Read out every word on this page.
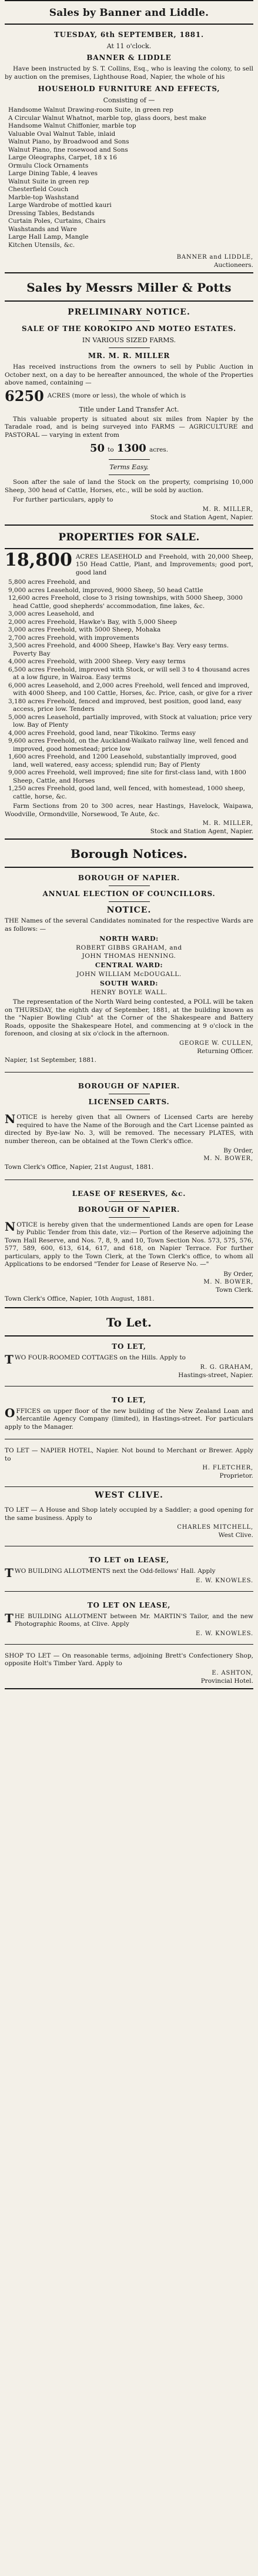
Sales by Banner and Liddle.
TUESDAY, 6th SEPTEMBER, 1881.
At 11 o'clock.
BANNER & LIDDLE

Have been instructed by S. T. Collins, Esq., who is leaving the colony, to sell by auction on the premises, Lighthouse Road, Napier, the whole of his

HOUSEHOLD FURNITURE AND EFFECTS,
Consisting of —

Handsome Walnut Drawing-room Suite, in green rep

A Circular Walnut Whatnot, marble top, glass doors, best make

Handsome Walnut Chiffonier, marble top

Valuable Oval Walnut Table, inlaid

Walnut Piano, by Broadwood and Sons

Walnut Piano, fine rosewood and Sons

Large Oleographs, Carpet, 18 x 16

Ormulu Clock Ornaments

Large Dining Table, 4 leaves

Walnut Suite in green rep

Chesterfield Couch

Marble-top Washstand

Large Wardrobe of mottled kauri

Dressing Tables, Bedstands

Curtain Poles, Curtains, Chairs

Washstands and Ware

Large Hall Lamp, Mangle

Kitchen Utensils, &c.

BANNER and LIDDLE,
Auctioneers.
Sales by Messrs Miller & Potts
PRELIMINARY NOTICE.
SALE OF THE KOROKIPO AND MOTEO ESTATES.
IN VARIOUS SIZED FARMS.
MR. M. R. MILLER

Has received instructions from the owners to sell by Public Auction in October next, on a day to be hereafter announced, the whole of the Properties above named, containing —

6250 ACRES (more or less), the whole of which is
Title under Land Transfer Act.

This valuable property is situated about six miles from Napier by the Taradale road, and is being surveyed into FARMS — AGRICULTURE and PASTORAL — varying in extent from

50 to 1300 acres.
Terms Easy.

Soon after the sale of land the Stock on the property, comprising 10,000 Sheep, 300 head of Cattle, Horses, etc., will be sold by auction.

For further particulars, apply to

M. R. MILLER,
Stock and Station Agent, Napier.
PROPERTIES FOR SALE.
18,800 ACRES LEASEHOLD and Freehold, with 20,000 Sheep, 150 Head Cattle, Plant, and Improvements; good port, good land

5,800 acres Freehold, and

9,000 acres Leasehold, improved, 9000 Sheep, 50 head Cattle

12,600 acres Freehold, close to 3 rising townships, with 5000 Sheep, 3000 head Cattle, good shepherds' accommodation, fine lakes, &c.

3,000 acres Leasehold, and

2,000 acres Freehold, Hawke's Bay, with 5,000 Sheep

3,000 acres Freehold, with 5000 Sheep, Mohaka

2,700 acres Freehold, with improvements

3,500 acres Freehold, and 4000 Sheep, Hawke's Bay. Very easy terms. Poverty Bay

4,000 acres Freehold, with 2000 Sheep. Very easy terms

6,500 acres Freehold, improved with Stock, or will sell 3 to 4 thousand acres at a low figure, in Wairoa. Easy terms

6,000 acres Leasehold, and 2,000 acres Freehold, well fenced and improved, with 4000 Sheep, and 100 Cattle, Horses, &c. Price, cash, or give for a river

3,180 acres Freehold, fenced and improved, best position, good land, easy access, price low. Tenders

5,000 acres Leasehold, partially improved, with Stock at valuation; price very low. Bay of Plenty

4,000 acres Freehold, good land, near Tikokino. Terms easy

9,600 acres Freehold, on the Auckland-Waikato railway line, well fenced and improved, good homestead; price low

1,600 acres Freehold, and 1200 Leasehold, substantially improved, good land, well watered, easy access; splendid run; Bay of Plenty

9,000 acres Freehold, well improved; fine site for first-class land, with 1800 Sheep, Cattle, and Horses

1,250 acres Freehold, good land, well fenced, with homestead, 1000 sheep, cattle, horse, &c.

Farm Sections from 20 to 300 acres, near Hastings, Havelock, Waipawa, Woodville, Ormondville, Norsewood, Te Aute, &c.

M. R. MILLER,
Stock and Station Agent, Napier.
Borough Notices.
BOROUGH OF NAPIER.
ANNUAL ELECTION OF COUNCILLORS.
NOTICE.

THE Names of the several Candidates nominated for the respective Wards are as follows: —

NORTH WARD:

ROBERT GIBBS GRAHAM, and

JOHN THOMAS HENNING.

CENTRAL WARD:

JOHN WILLIAM McDOUGALL.

SOUTH WARD:

HENRY BOYLE WALL.

The representation of the North Ward being contested, a POLL will be taken on THURSDAY, the eighth day of September, 1881, at the building known as the "Napier Bowling Club" at the Corner of the Shakespeare and Battery Roads, opposite the Shakespeare Hotel, and commencing at 9 o'clock in the forenoon, and closing at six o'clock in the afternoon.

GEORGE W. CULLEN,
Returning Officer.

Napier, 1st September, 1881.

BOROUGH OF NAPIER.
LICENSED CARTS.

NOTICE is hereby given that all Owners of Licensed Carts are hereby required to have the Name of the Borough and the Cart License painted as directed by Bye-law No. 3, will be removed. The necessary PLATES, with number thereon, can be obtained at the Town Clerk's office.

By Order,
M. N. BOWER,

Town Clerk's Office, Napier, 21st August, 1881.

LEASE OF RESERVES, &c.
BOROUGH OF NAPIER.

NOTICE is hereby given that the undermentioned Lands are open for Lease by Public Tender from this date, viz:— Portion of the Reserve adjoining the Town Hall Reserve, and Nos. 7, 8, 9, and 10, Town Section Nos. 573, 575, 576, 577, 589, 600, 613, 614, 617, and 618, on Napier Terrace. For further particulars, apply to the Town Clerk, at the Town Clerk's office, to whom all Applications to be endorsed "Tender for Lease of Reserve No. —"

By Order,
M. N. BOWER,
Town Clerk.

Town Clerk's Office, Napier, 10th August, 1881.

To Let.
TO LET,

TWO FOUR-ROOMED COTTAGES on the Hills. Apply to

R. G. GRAHAM,
Hastings-street, Napier.
TO LET,

OFFICES on upper floor of the new building of the New Zealand Loan and Mercantile Agency Company (limited), in Hastings-street. For particulars apply to the Manager.

TO LET — NAPIER HOTEL, Napier. Not bound to Merchant or Brewer. Apply to

H. FLETCHER,
Proprietor.
WEST CLIVE.

TO LET — A House and Shop lately occupied by a Saddler; a good opening for the same business. Apply to

CHARLES MITCHELL,
West Clive.
TO LET on LEASE,

TWO BUILDING ALLOTMENTS next the Odd-fellows' Hall. Apply

E. W. KNOWLES.
TO LET ON LEASE,

THE BUILDING ALLOTMENT between Mr. MARTIN'S Tailor, and the new Photographic Rooms, at Clive. Apply

E. W. KNOWLES.

SHOP TO LET — On reasonable terms, adjoining Brett's Confectionery Shop, opposite Holt's Timber Yard. Apply to

E. ASHTON,
Provincial Hotel.
